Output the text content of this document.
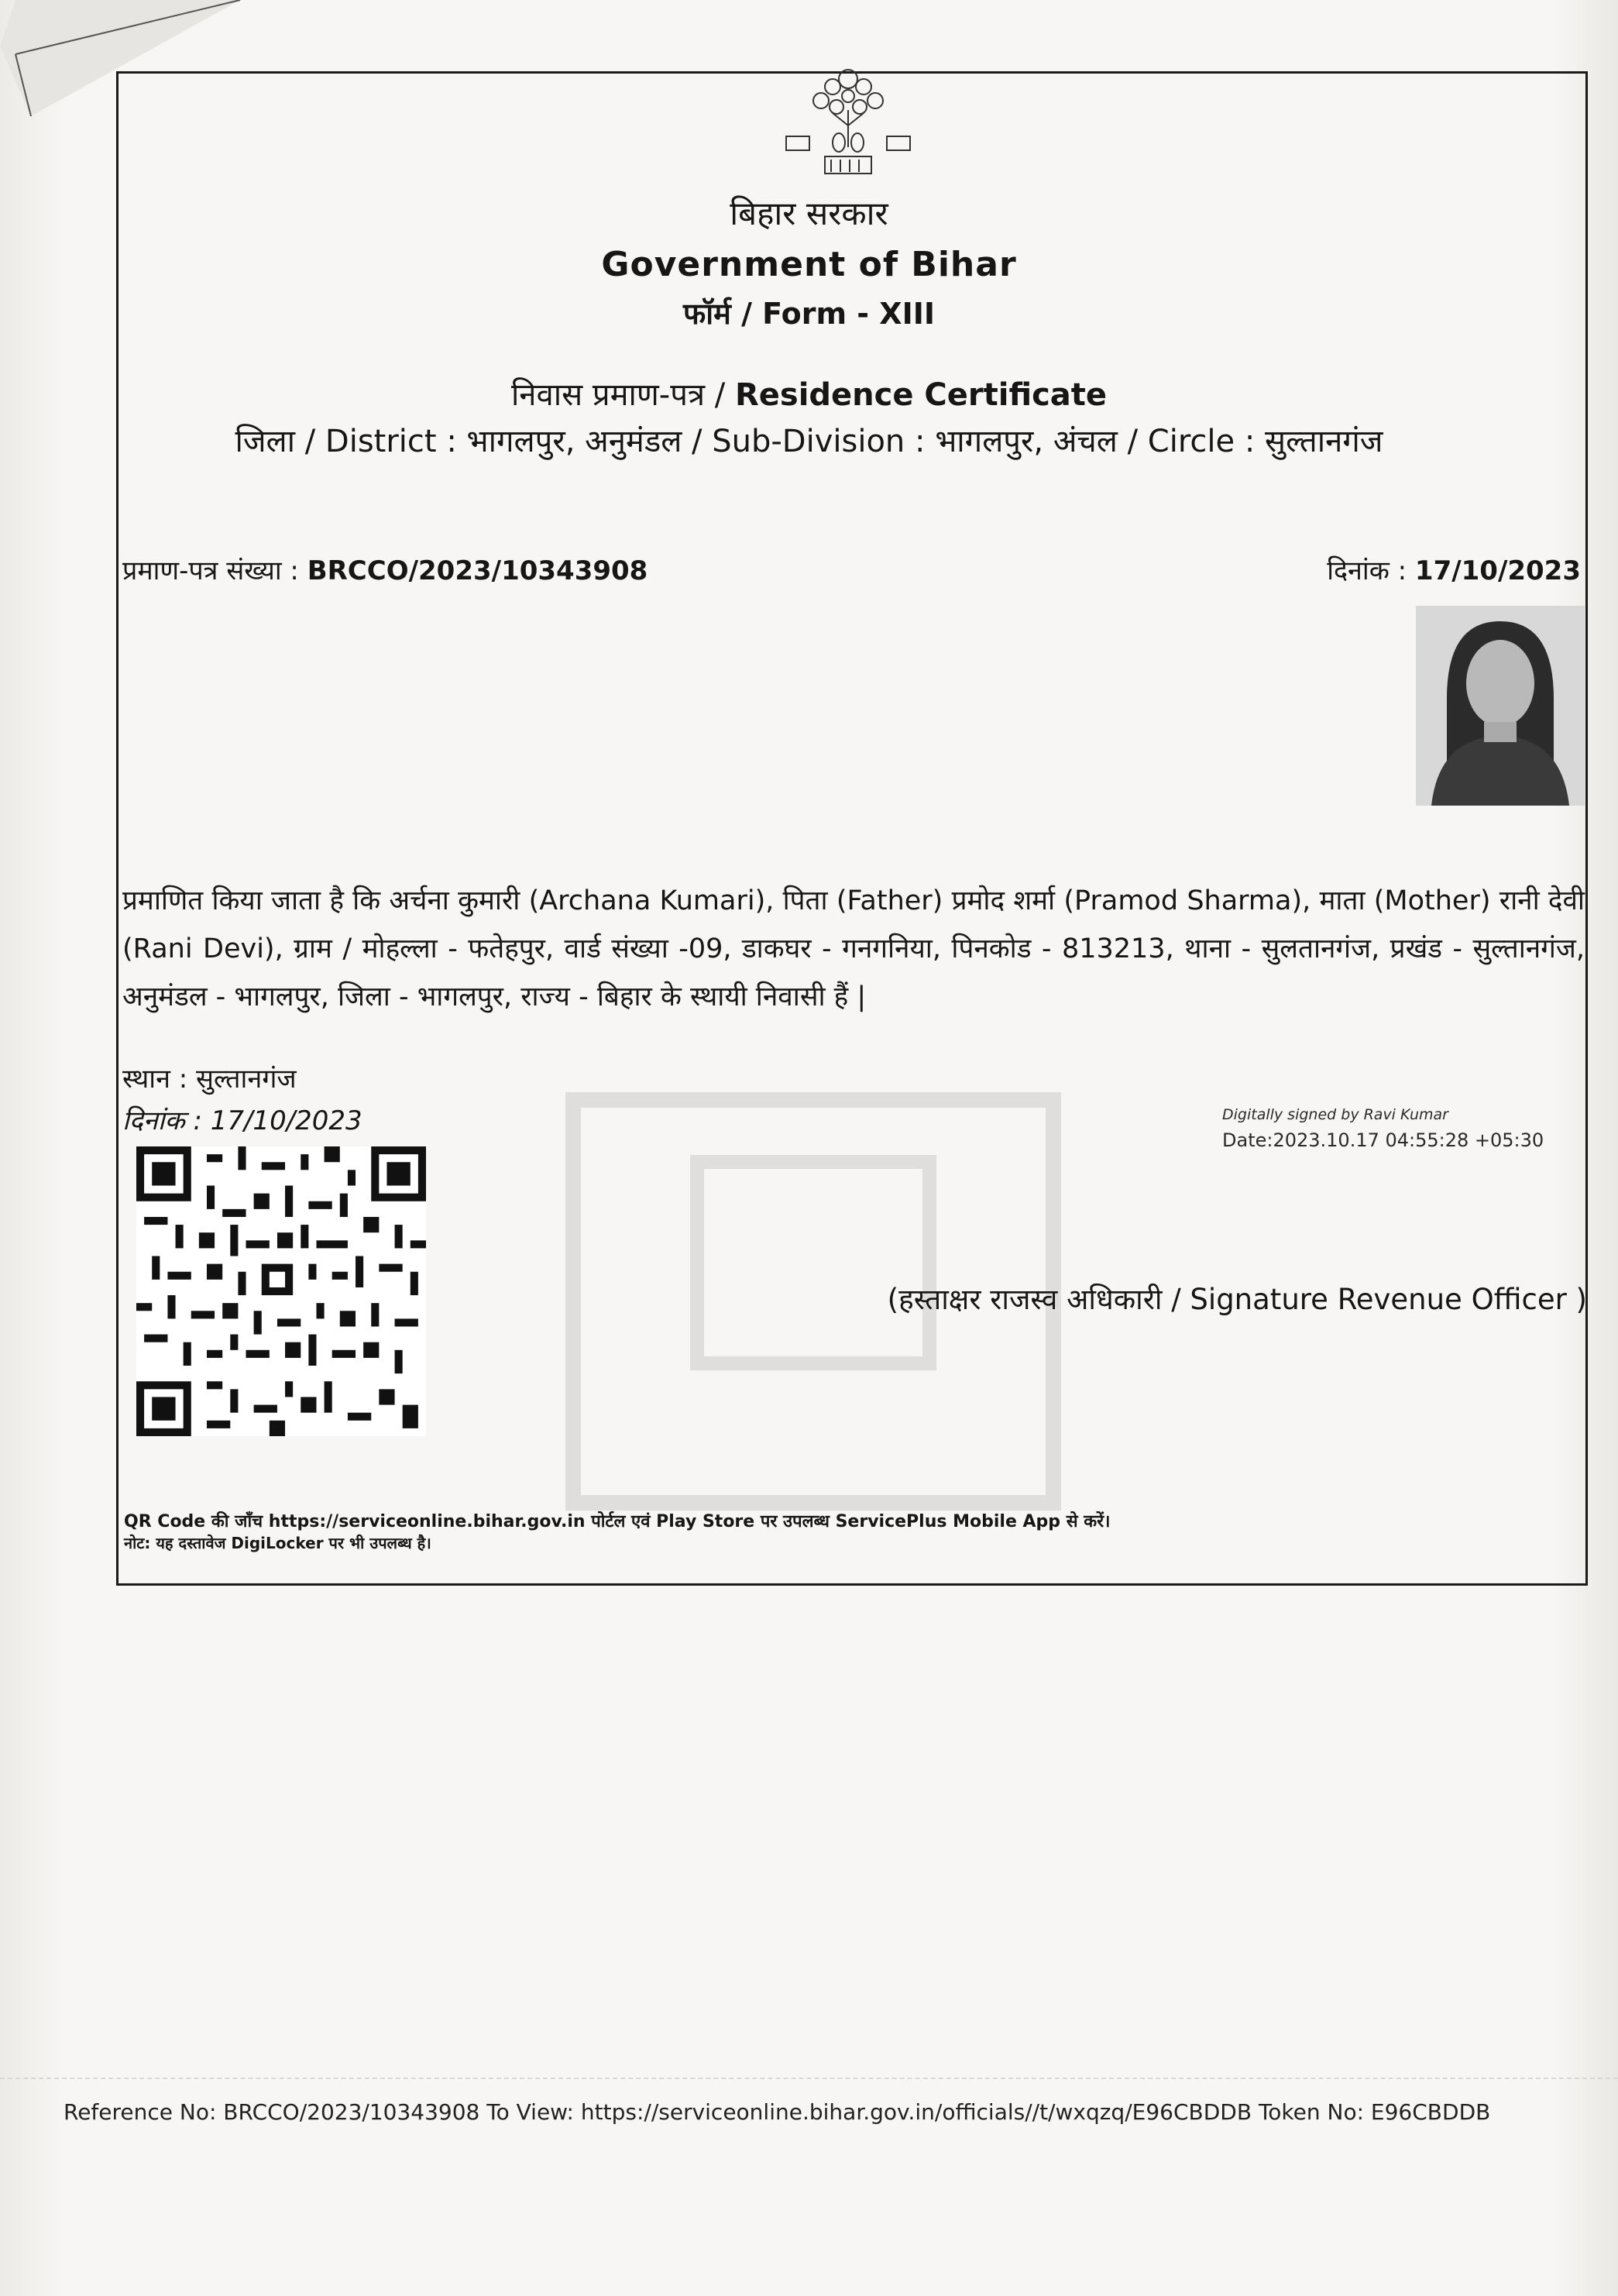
बिहार सरकार
Government of Bihar
फॉर्म / Form - XIII
निवास प्रमाण-पत्र / Residence Certificate
जिला / District : भागलपुर, अनुमंडल / Sub-Division : भागलपुर, अंचल / Circle : सुल्तानगंज
प्रमाण-पत्र संख्या : BRCCO/2023/10343908	दिनांक : 17/10/2023
प्रमाणित किया जाता है कि अर्चना कुमारी (Archana Kumari), पिता (Father) प्रमोद शर्मा (Pramod Sharma), माता (Mother) रानी देवी (Rani Devi), ग्राम / मोहल्ला - फतेहपुर, वार्ड संख्या -09, डाकघर - गनगनिया, पिनकोड - 813213, थाना - सुलतानगंज, प्रखंड - सुल्तानगंज, अनुमंडल - भागलपुर, जिला - भागलपुर, राज्य - बिहार के स्थायी निवासी हैं |
स्थान : सुल्तानगंज
दिनांक : 17/10/2023	Digitally signed by Ravi Kumar
Date:2023.10.17 04:55:28 +05:30
(हस्ताक्षर राजस्व अधिकारी / Signature Revenue Officer )
QR Code की जाँच https://serviceonline.bihar.gov.in पोर्टल एवं Play Store पर उपलब्ध ServicePlus Mobile App से करें।
नोट: यह दस्तावेज DigiLocker पर भी उपलब्ध है।
Reference No: BRCCO/2023/10343908 To View: https://serviceonline.bihar.gov.in/officials//t/wxqzq/E96CBDDB Token No: E96CBDDB
